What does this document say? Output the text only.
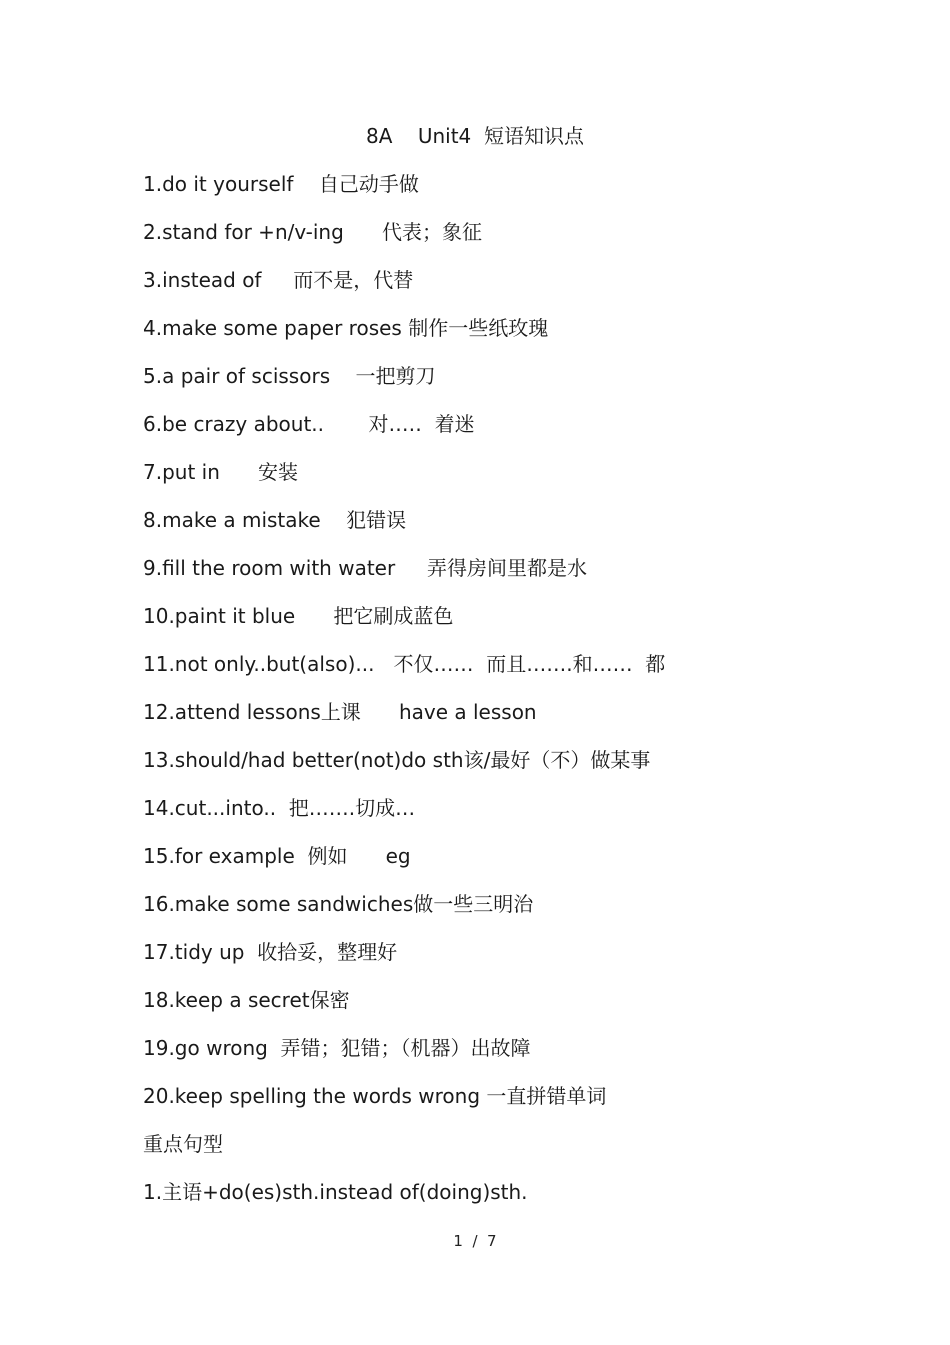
8A    Unit4  短语知识点
1.do it yourself    自己动手做
2.stand for +n/v-ing      代表；象征
3.instead of     而不是，代替
4.make some paper roses 制作一些纸玫瑰
5.a pair of scissors    一把剪刀
6.be crazy about..       对‥…  着迷
7.put in      安装
8.make a mistake    犯错误
9.fill the room with water     弄得房间里都是水
10.paint it blue      把它刷成蓝色
11.not only..but(also)...   不仅……  而且…….和……  都
12.attend lessons上课      have a lesson
13.should/had better(not)do sth该/最好（不）做某事
14.cut...into..  把…….切成…
15.for example  例如      eg
16.make some sandwiches做一些三明治
17.tidy up  收拾妥，整理好
18.keep a secret保密
19.go wrong  弄错；犯错；（机器）出故障
20.keep spelling the words wrong 一直拼错单词
重点句型
1.主语+do(es)sth.instead of(doing)sth.
1  /  7
